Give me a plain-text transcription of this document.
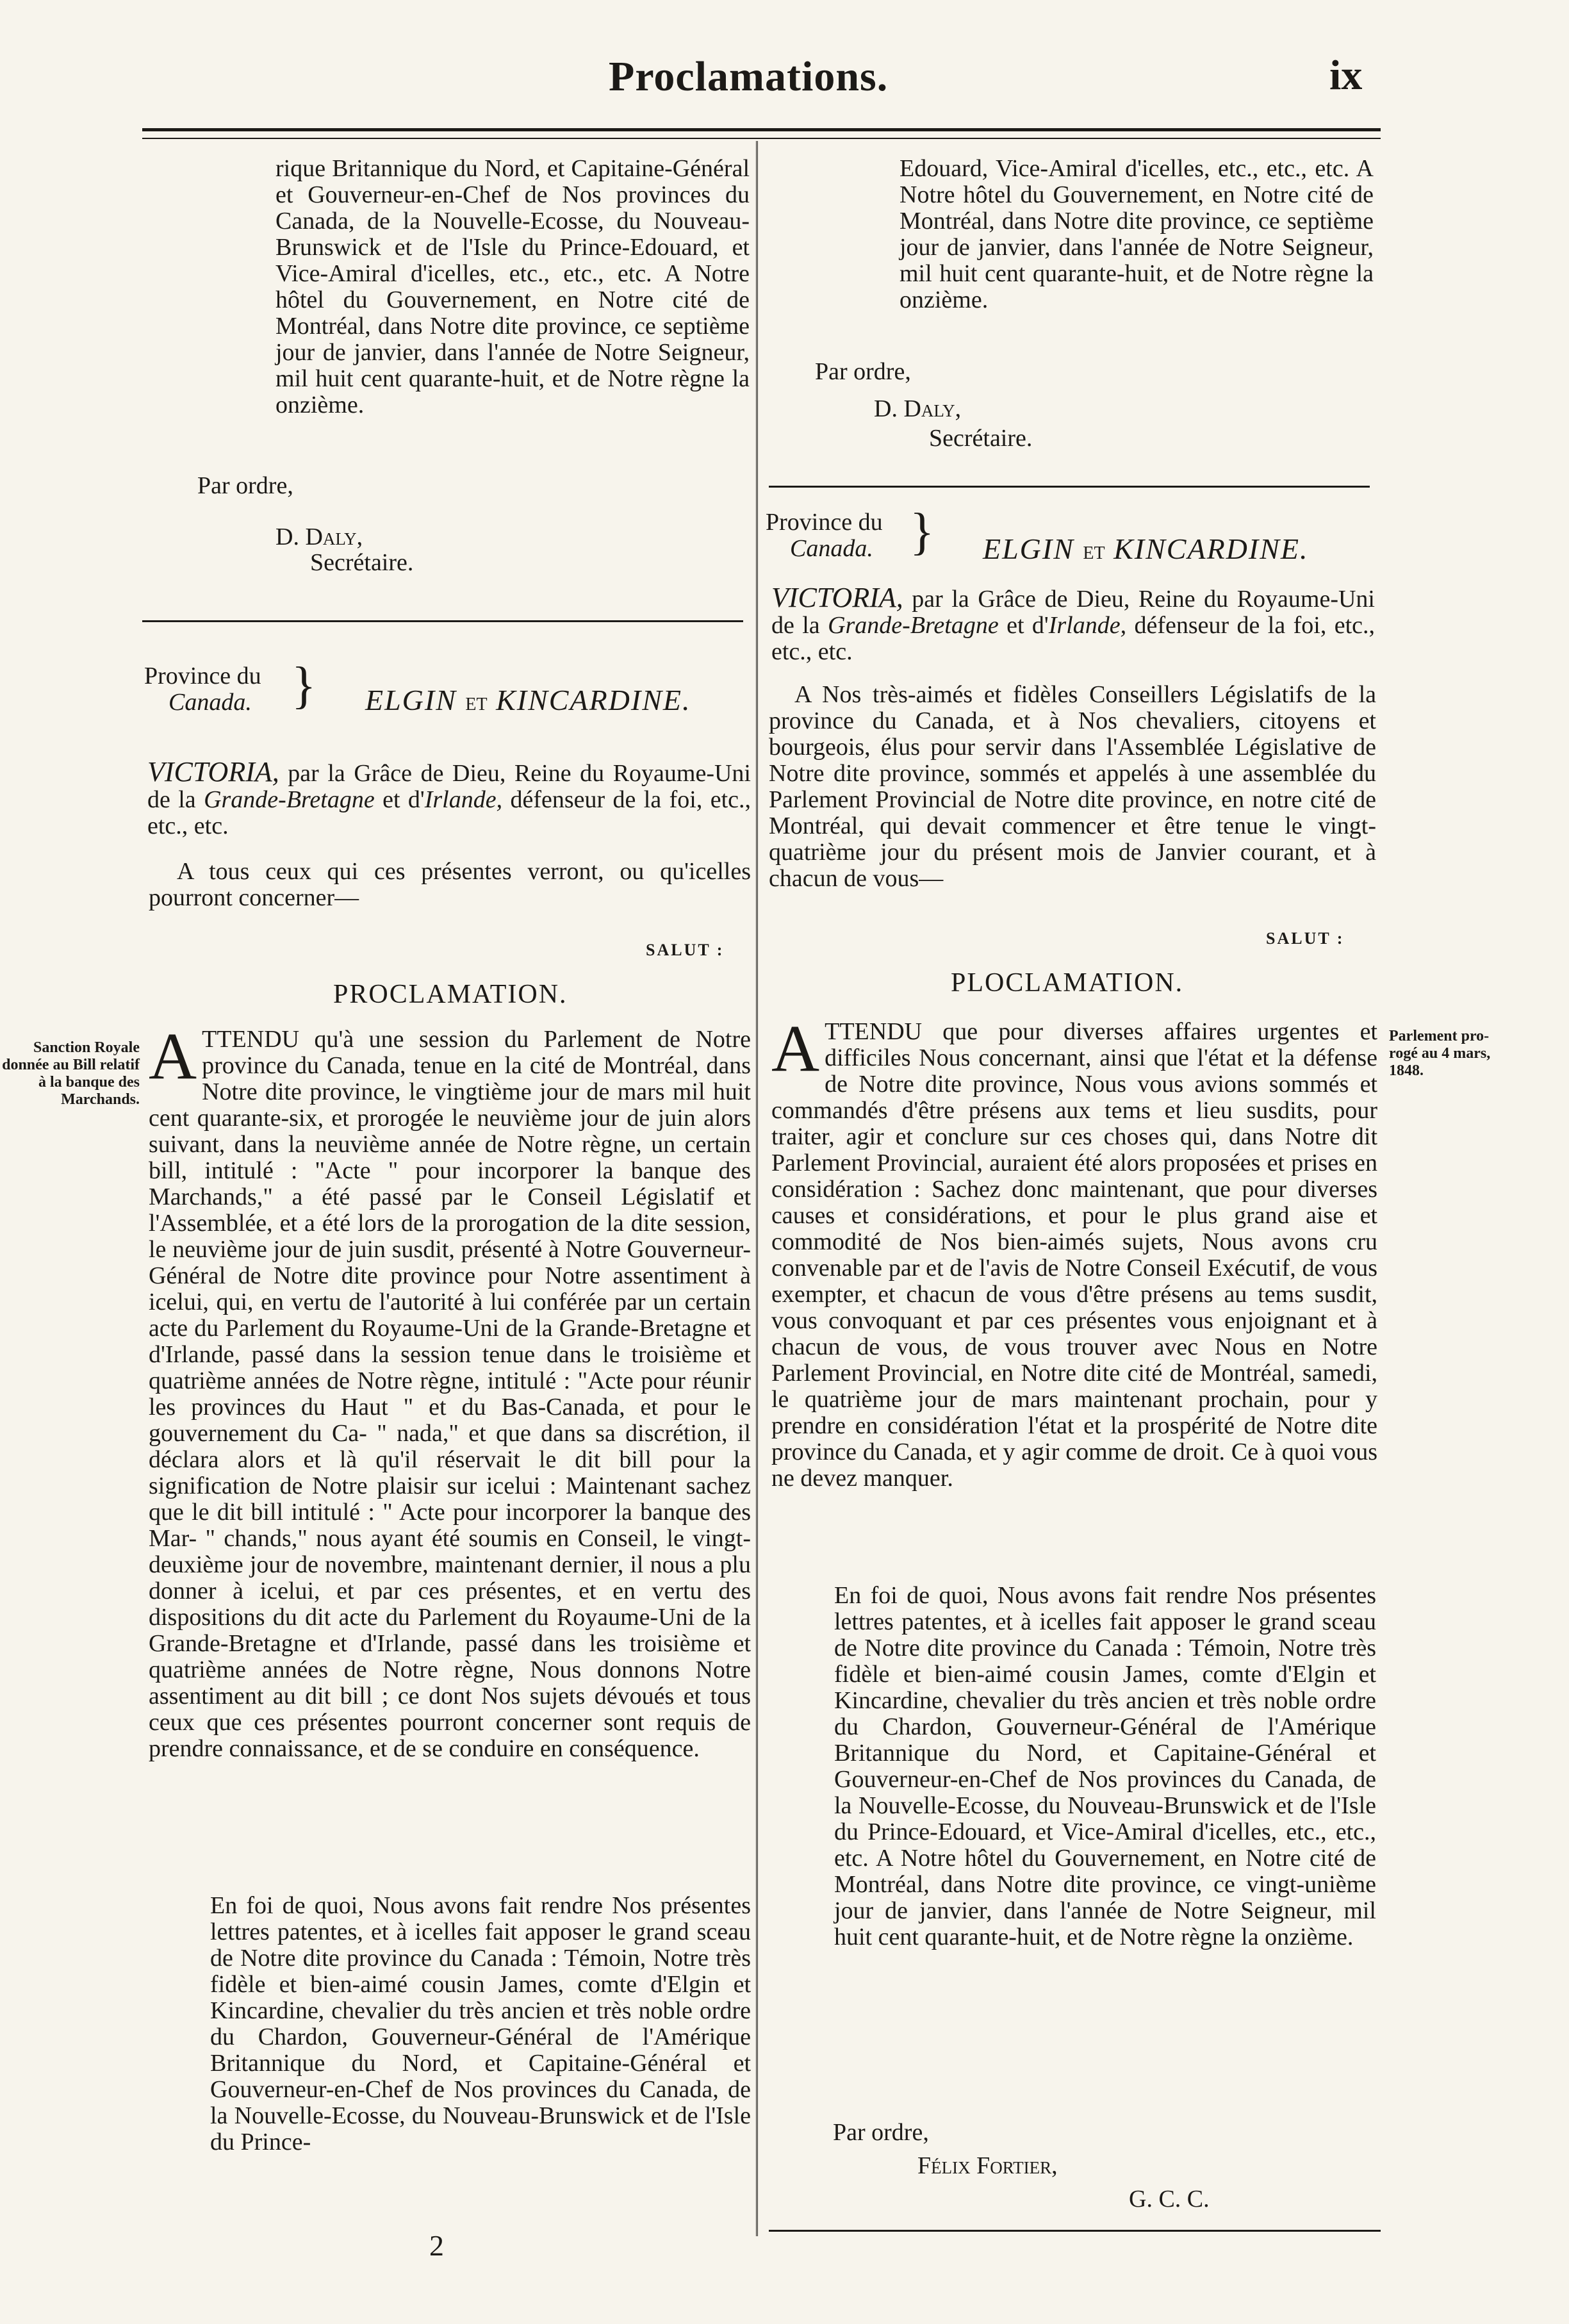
Proclamations.	ix
rique Britannique du Nord, et Capitaine-Général et Gouverneur-en-Chef de Nos provinces du Canada, de la Nouvelle-Ecosse, du Nouveau-Brunswick et de l'Isle du Prince-Edouard, et Vice-Amiral d'icelles, etc., etc., etc. A Notre hôtel du Gouvernement, en Notre cité de Montréal, dans Notre dite province, ce septième jour de janvier, dans l'année de Notre Seigneur, mil huit cent quarante-huit, et de Notre règne la onzième.
Par ordre,
D. Daly,
Secrétaire.

Province du

Canada. } ELGIN ET KINCARDINE.
VICTORIA, par la Grâce de Dieu, Reine du Royaume-Uni de la Grande-Bretagne et d'Irlande, défenseur de la foi, etc., etc., etc.
A tous ceux qui ces présentes verront, ou qu'icelles pourront concerner—
SALUT :
PROCLAMATION.
Sanction Royale donnée au Bill relatif à la banque des Marchands.
ATTENDU qu'à une session du Parlement de Notre province du Canada, tenue en la cité de Montréal, dans Notre dite province, le vingtième jour de mars mil huit cent quarante-six, et prorogée le neuvième jour de juin alors suivant, dans la neuvième année de Notre règne, un certain bill, intitulé : "Acte " pour incorporer la banque des Marchands," a été passé par le Conseil Législatif et l'Assemblée, et a été lors de la prorogation de la dite session, le neuvième jour de juin susdit, présenté à Notre Gouverneur-Général de Notre dite province pour Notre assentiment à icelui, qui, en vertu de l'autorité à lui conférée par un certain acte du Parlement du Royaume-Uni de la Grande-Bretagne et d'Irlande, passé dans la session tenue dans le troisième et quatrième années de Notre règne, intitulé : "Acte pour réunir les provinces du Haut " et du Bas-Canada, et pour le gouvernement du Ca- " nada," et que dans sa discrétion, il déclara alors et là qu'il réservait le dit bill pour la signification de Notre plaisir sur icelui : Maintenant sachez que le dit bill intitulé : " Acte pour incorporer la banque des Mar- " chands," nous ayant été soumis en Conseil, le vingt-deuxième jour de novembre, maintenant dernier, il nous a plu donner à icelui, et par ces présentes, et en vertu des dispositions du dit acte du Parlement du Royaume-Uni de la Grande-Bretagne et d'Irlande, passé dans les troisième et quatrième années de Notre règne, Nous donnons Notre assentiment au dit bill ; ce dont Nos sujets dévoués et tous ceux que ces présentes pourront concerner sont requis de prendre connaissance, et de se conduire en conséquence.
En foi de quoi, Nous avons fait rendre Nos présentes lettres patentes, et à icelles fait apposer le grand sceau de Notre dite province du Canada : Témoin, Notre très fidèle et bien-aimé cousin James, comte d'Elgin et Kincardine, chevalier du très ancien et très noble ordre du Chardon, Gouverneur-Général de l'Amérique Britannique du Nord, et Capitaine-Général et Gouverneur-en-Chef de Nos provinces du Canada, de la Nouvelle-Ecosse, du Nouveau-Brunswick et de l'Isle du Prince-
2
Edouard, Vice-Amiral d'icelles, etc., etc., etc. A Notre hôtel du Gouvernement, en Notre cité de Montréal, dans Notre dite province, ce septième jour de janvier, dans l'année de Notre Seigneur, mil huit cent quarante-huit, et de Notre règne la onzième.
Par ordre,
D. Daly,
Secrétaire.

Province du

Canada. } ELGIN ET KINCARDINE.
VICTORIA, par la Grâce de Dieu, Reine du Royaume-Uni de la Grande-Bretagne et d'Irlande, défenseur de la foi, etc., etc., etc.
A Nos très-aimés et fidèles Conseillers Législatifs de la province du Canada, et à Nos chevaliers, citoyens et bourgeois, élus pour servir dans l'Assemblée Législative de Notre dite province, sommés et appelés à une assemblée du Parlement Provincial de Notre dite province, en notre cité de Montréal, qui devait commencer et être tenue le vingt-quatrième jour du présent mois de Janvier courant, et à chacun de vous—
SALUT :
PLOCLAMATION.
Parlement pro-
rogé au 4 mars,
1848.
ATTENDU que pour diverses affaires urgentes et difficiles Nous concernant, ainsi que l'état et la défense de Notre dite province, Nous vous avions sommés et commandés d'être présens aux tems et lieu susdits, pour traiter, agir et conclure sur ces choses qui, dans Notre dit Parlement Provincial, auraient été alors proposées et prises en considération : Sachez donc maintenant, que pour diverses causes et considérations, et pour le plus grand aise et commodité de Nos bien-aimés sujets, Nous avons cru convenable par et de l'avis de Notre Conseil Exécutif, de vous exempter, et chacun de vous d'être présens au tems susdit, vous convoquant et par ces présentes vous enjoignant et à chacun de vous, de vous trouver avec Nous en Notre Parlement Provincial, en Notre dite cité de Montréal, samedi, le quatrième jour de mars maintenant prochain, pour y prendre en considération l'état et la prospérité de Notre dite province du Canada, et y agir comme de droit. Ce à quoi vous ne devez manquer.
En foi de quoi, Nous avons fait rendre Nos présentes lettres patentes, et à icelles fait apposer le grand sceau de Notre dite province du Canada : Témoin, Notre très fidèle et bien-aimé cousin James, comte d'Elgin et Kincardine, chevalier du très ancien et très noble ordre du Chardon, Gouverneur-Général de l'Amérique Britannique du Nord, et Capitaine-Général et Gouverneur-en-Chef de Nos provinces du Canada, de la Nouvelle-Ecosse, du Nouveau-Brunswick et de l'Isle du Prince-Edouard, et Vice-Amiral d'icelles, etc., etc., etc. A Notre hôtel du Gouvernement, en Notre cité de Montréal, dans Notre dite province, ce vingt-unième jour de janvier, dans l'année de Notre Seigneur, mil huit cent quarante-huit, et de Notre règne la onzième.
Par ordre,
Félix Fortier,
G. C. C.
